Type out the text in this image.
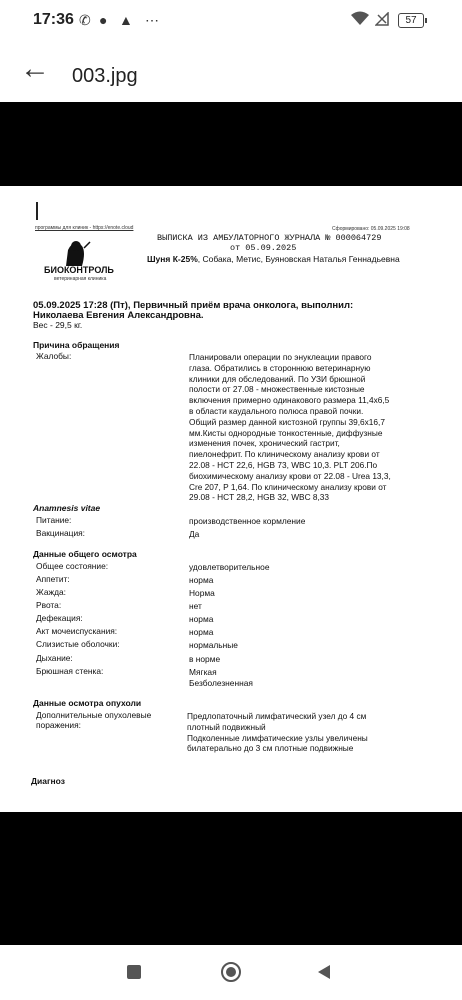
17:36 ✆ ● ▲ ⋯	57
← 003.jpg
программы для клиник - https://enote.cloud	Сформировано: 05.09.2025 19:08
БИОКОНТРОЛЬ
ветеринарная клиника
ВЫПИСКА ИЗ АМБУЛАТОРНОГО ЖУРНАЛА № 000064729
от 05.09.2025
Шуня К-25%, Собака, Метис, Буяновская Наталья Геннадьевна
05.09.2025 17:28 (Пт), Первичный приём врача онколога, выполнил:
Николаева Евгения Александровна.
Вес - 29,5 кг.
Причина обращения
Жалобы:	Планировали операции по энуклеации правого
глаза. Обратились в стороннюю ветеринарную
клиники для обследований. По УЗИ брюшной
полости от 27.08 - множественные кистозные
включения примерно одинакового размера 11,4х6,5
в области каудального полюса правой почки.
Общий размер данной кистозной группы 39,6х16,7
мм.Кисты однородные тонкостенные, диффузные
изменения почек, хронический гастрит,
пиелонефрит. По клиническому анализу крови от
22.08 - HCT 22,6, HGB 73, WBC 10,3. PLT 206.По
биохимическому анализу крови от 22.08 - Urea 13,3,
Cre 207, P 1,64. По клиническому анализу крови от
29.08 - HCT 28,2, HGB 32, WBC 8,33
Anamnesis vitae
Питание:	производственное кормление
Вакцинация:	Да
Данные общего осмотра
Общее состояние:	удовлетворительное
Аппетит:	норма
Жажда:	Норма
Рвота:	нет
Дефекация:	норма
Акт мочеиспускания:	норма
Слизистые оболочки:	нормальные
Дыхание:	в норме
Брюшная стенка:	Мягкая
Безболезненная
Данные осмотра опухоли
Дополнительные опухолевые
поражения:
Предлопаточный лимфатический узел до 4 см
плотный подвижный
Подколенные лимфатические узлы увеличены
билатерально до 3 см плотные подвижные
Диагноз
